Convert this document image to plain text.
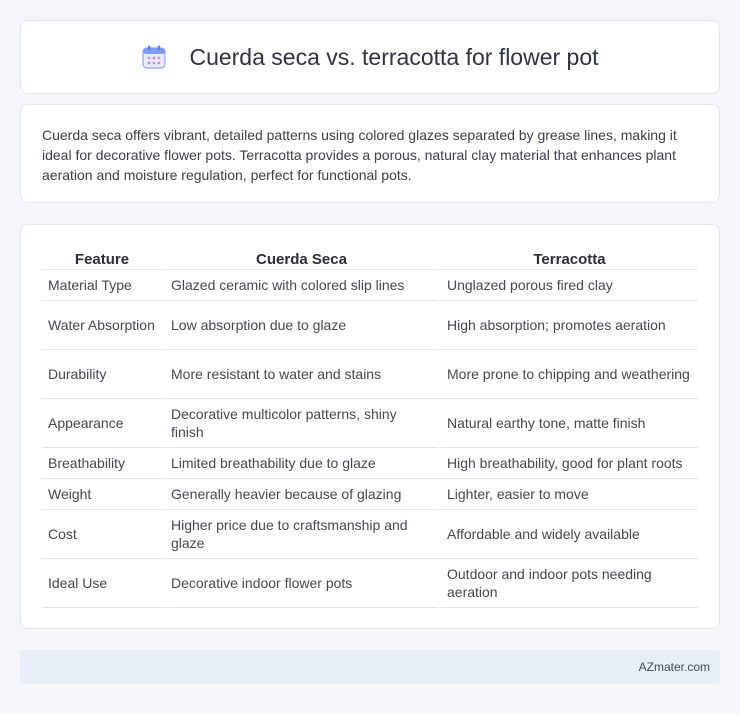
Cuerda seca vs. terracotta for flower pot

Cuerda seca offers vibrant, detailed patterns using colored glazes separated by grease lines, making it ideal for decorative flower pots. Terracotta provides a porous, natural clay material that enhances plant aeration and moisture regulation, perfect for functional pots.

Feature	Cuerda Seca	Terracotta
Material Type	Glazed ceramic with colored slip lines	Unglazed porous fired clay
Water Absorption	Low absorption due to glaze	High absorption; promotes aeration
Durability	More resistant to water and stains	More prone to chipping and weathering
Appearance	Decorative multicolor patterns, shiny finish	Natural earthy tone, matte finish
Breathability	Limited breathability due to glaze	High breathability, good for plant roots
Weight	Generally heavier because of glazing	Lighter, easier to move
Cost	Higher price due to craftsmanship and glaze	Affordable and widely available
Ideal Use	Decorative indoor flower pots	Outdoor and indoor pots needing aeration
AZmater.com
